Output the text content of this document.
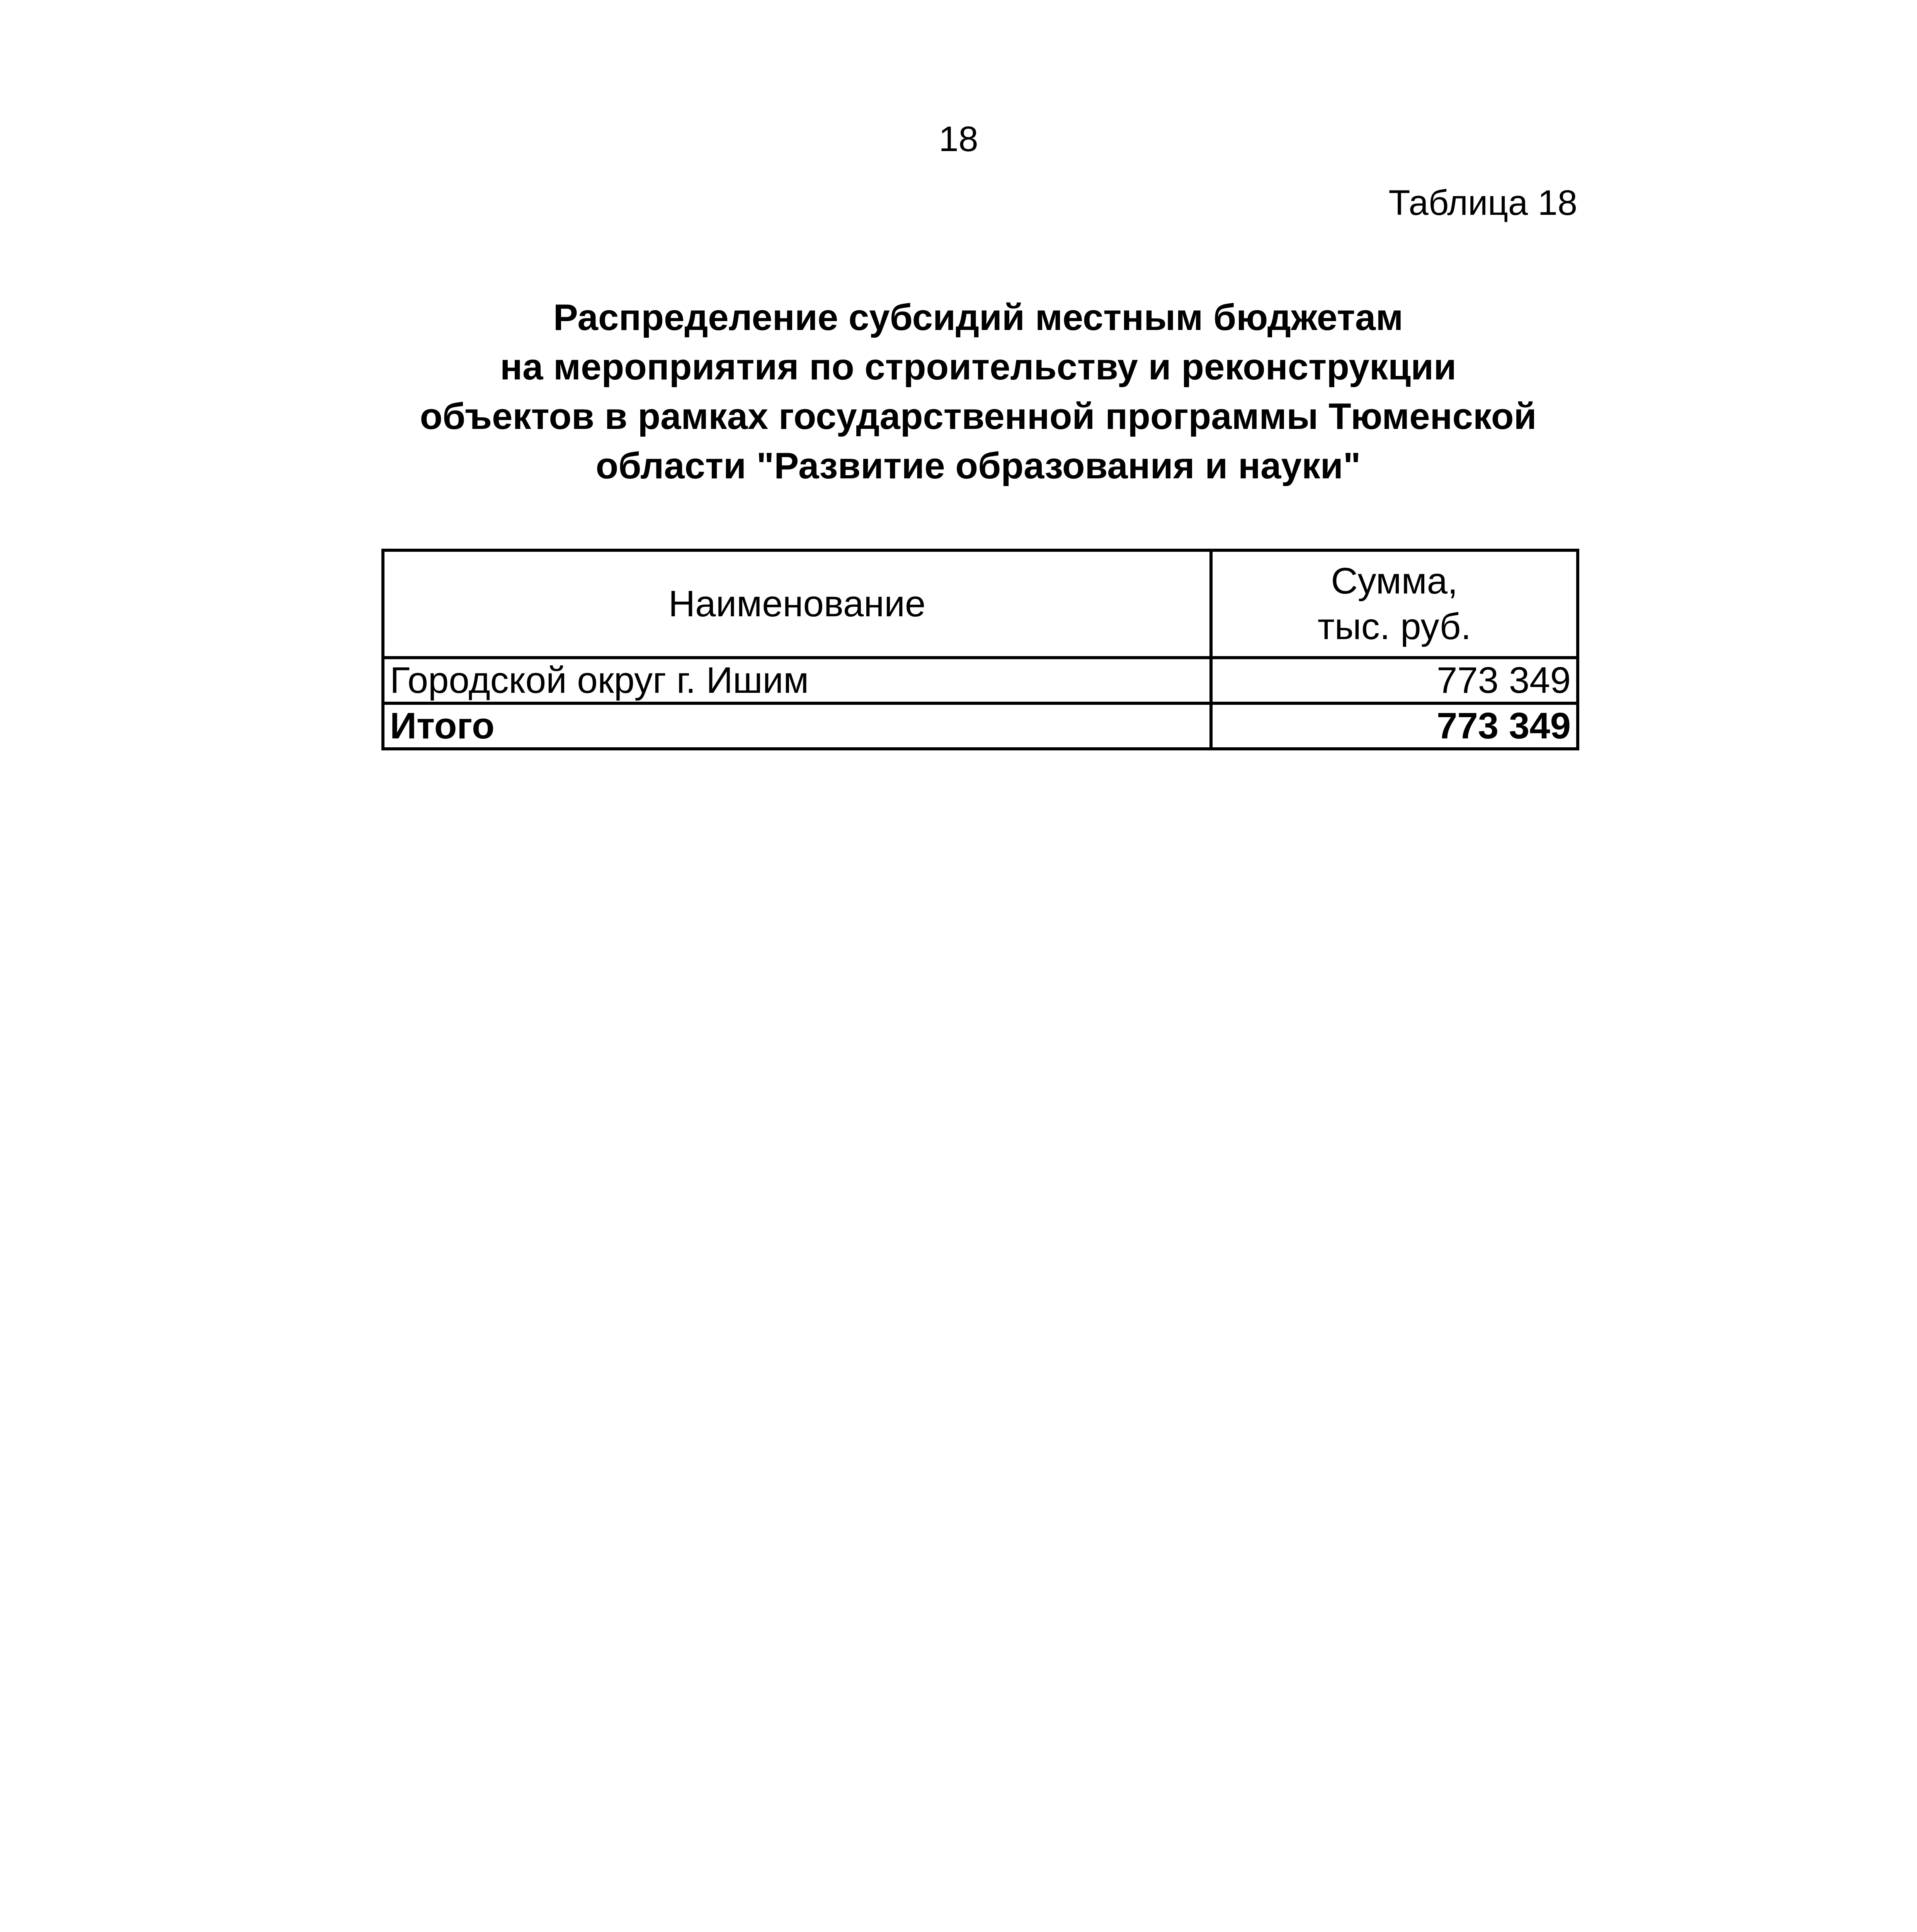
18
Таблица 18
Распределение субсидий местным бюджетам
на мероприятия по строительству и реконструкции
объектов в рамках государственной программы Тюменской
области "Развитие образования и науки"
Наименование	Сумма,
тыс. руб.

Городской округ г. Ишим	773 349
Итого	773 349
